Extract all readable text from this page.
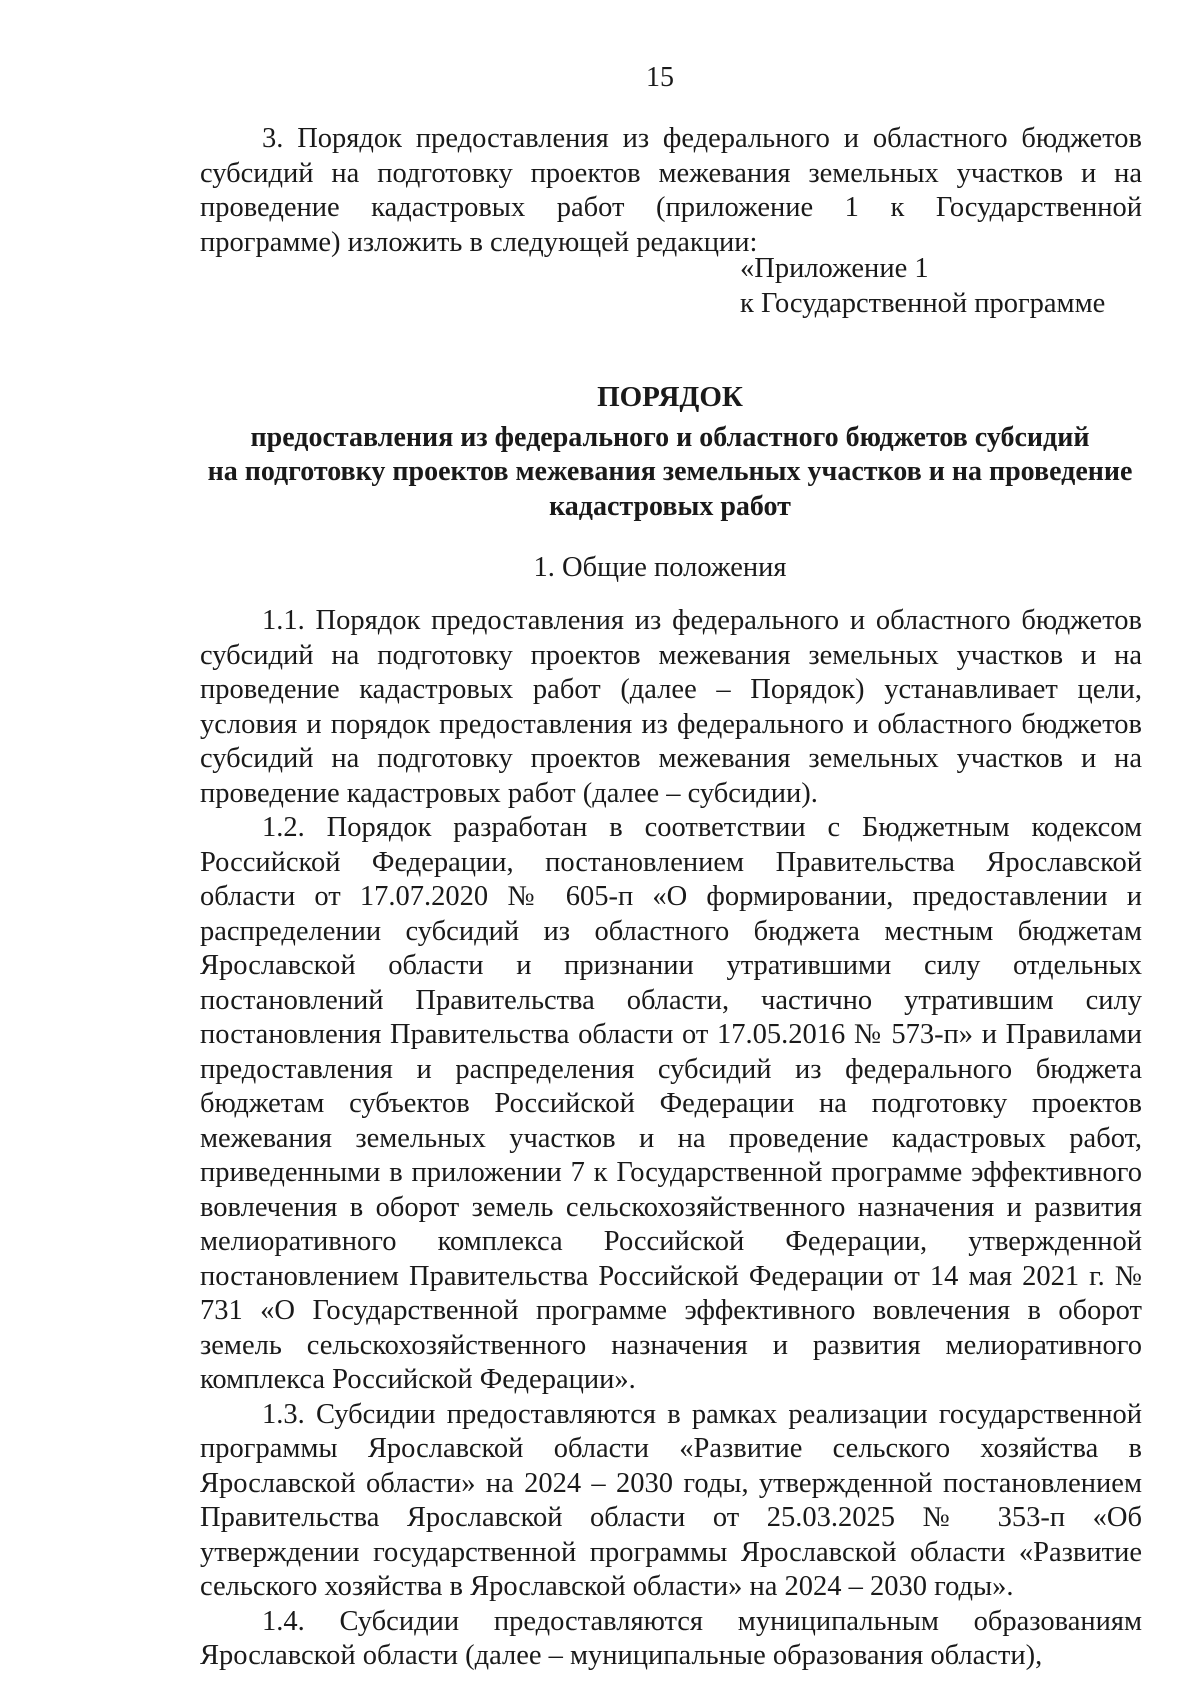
15

3. Порядок предоставления из федерального и областного бюджетов субсидий на подготовку проектов межевания земельных участков и на проведение кадастровых работ (приложение 1 к Государственной программе) изложить в следующей редакции:

«Приложение 1
к Государственной программе
ПОРЯДОК
предоставления из федерального и областного бюджетов субсидий
на подготовку проектов межевания земельных участков и на проведение
кадастровых работ
1. Общие положения

1.1. Порядок предоставления из федерального и областного бюджетов субсидий на подготовку проектов межевания земельных участков и на проведение кадастровых работ (далее – Порядок) устанавливает цели, условия и порядок предоставления из федерального и областного бюджетов субсидий на подготовку проектов межевания земельных участков и на проведение кадастровых работ (далее – субсидии).

1.2. Порядок разработан в соответствии с Бюджетным кодексом Российской Федерации, постановлением Правительства Ярославской области от 17.07.2020 № 605-п «О формировании, предоставлении и распределении субсидий из областного бюджета местным бюджетам Ярославской области и признании утратившими силу отдельных постановлений Правительства области, частично утратившим силу постановления Правительства области от 17.05.2016 № 573-п» и Правилами предоставления и распределения субсидий из федерального бюджета бюджетам субъектов Российской Федерации на подготовку проектов межевания земельных участков и на проведение кадастровых работ, приведенными в приложении 7 к Государственной программе эффективного вовлечения в оборот земель сельскохозяйственного назначения и развития мелиоративного комплекса Российской Федерации, утвержденной постановлением Правительства Российской Федерации от 14 мая 2021 г. № 731 «О Государственной программе эффективного вовлечения в оборот земель сельскохозяйственного назначения и развития мелиоративного комплекса Российской Федерации».

1.3. Субсидии предоставляются в рамках реализации государственной программы Ярославской области «Развитие сельского хозяйства в Ярославской области» на 2024 – 2030 годы, утвержденной постановлением Правительства Ярославской области от 25.03.2025 № 353-п «Об утверждении государственной программы Ярославской области «Развитие сельского хозяйства в Ярославской области» на 2024 – 2030 годы».

1.4. Субсидии предоставляются муниципальным образованиям Ярославской области (далее – муниципальные образования области),
